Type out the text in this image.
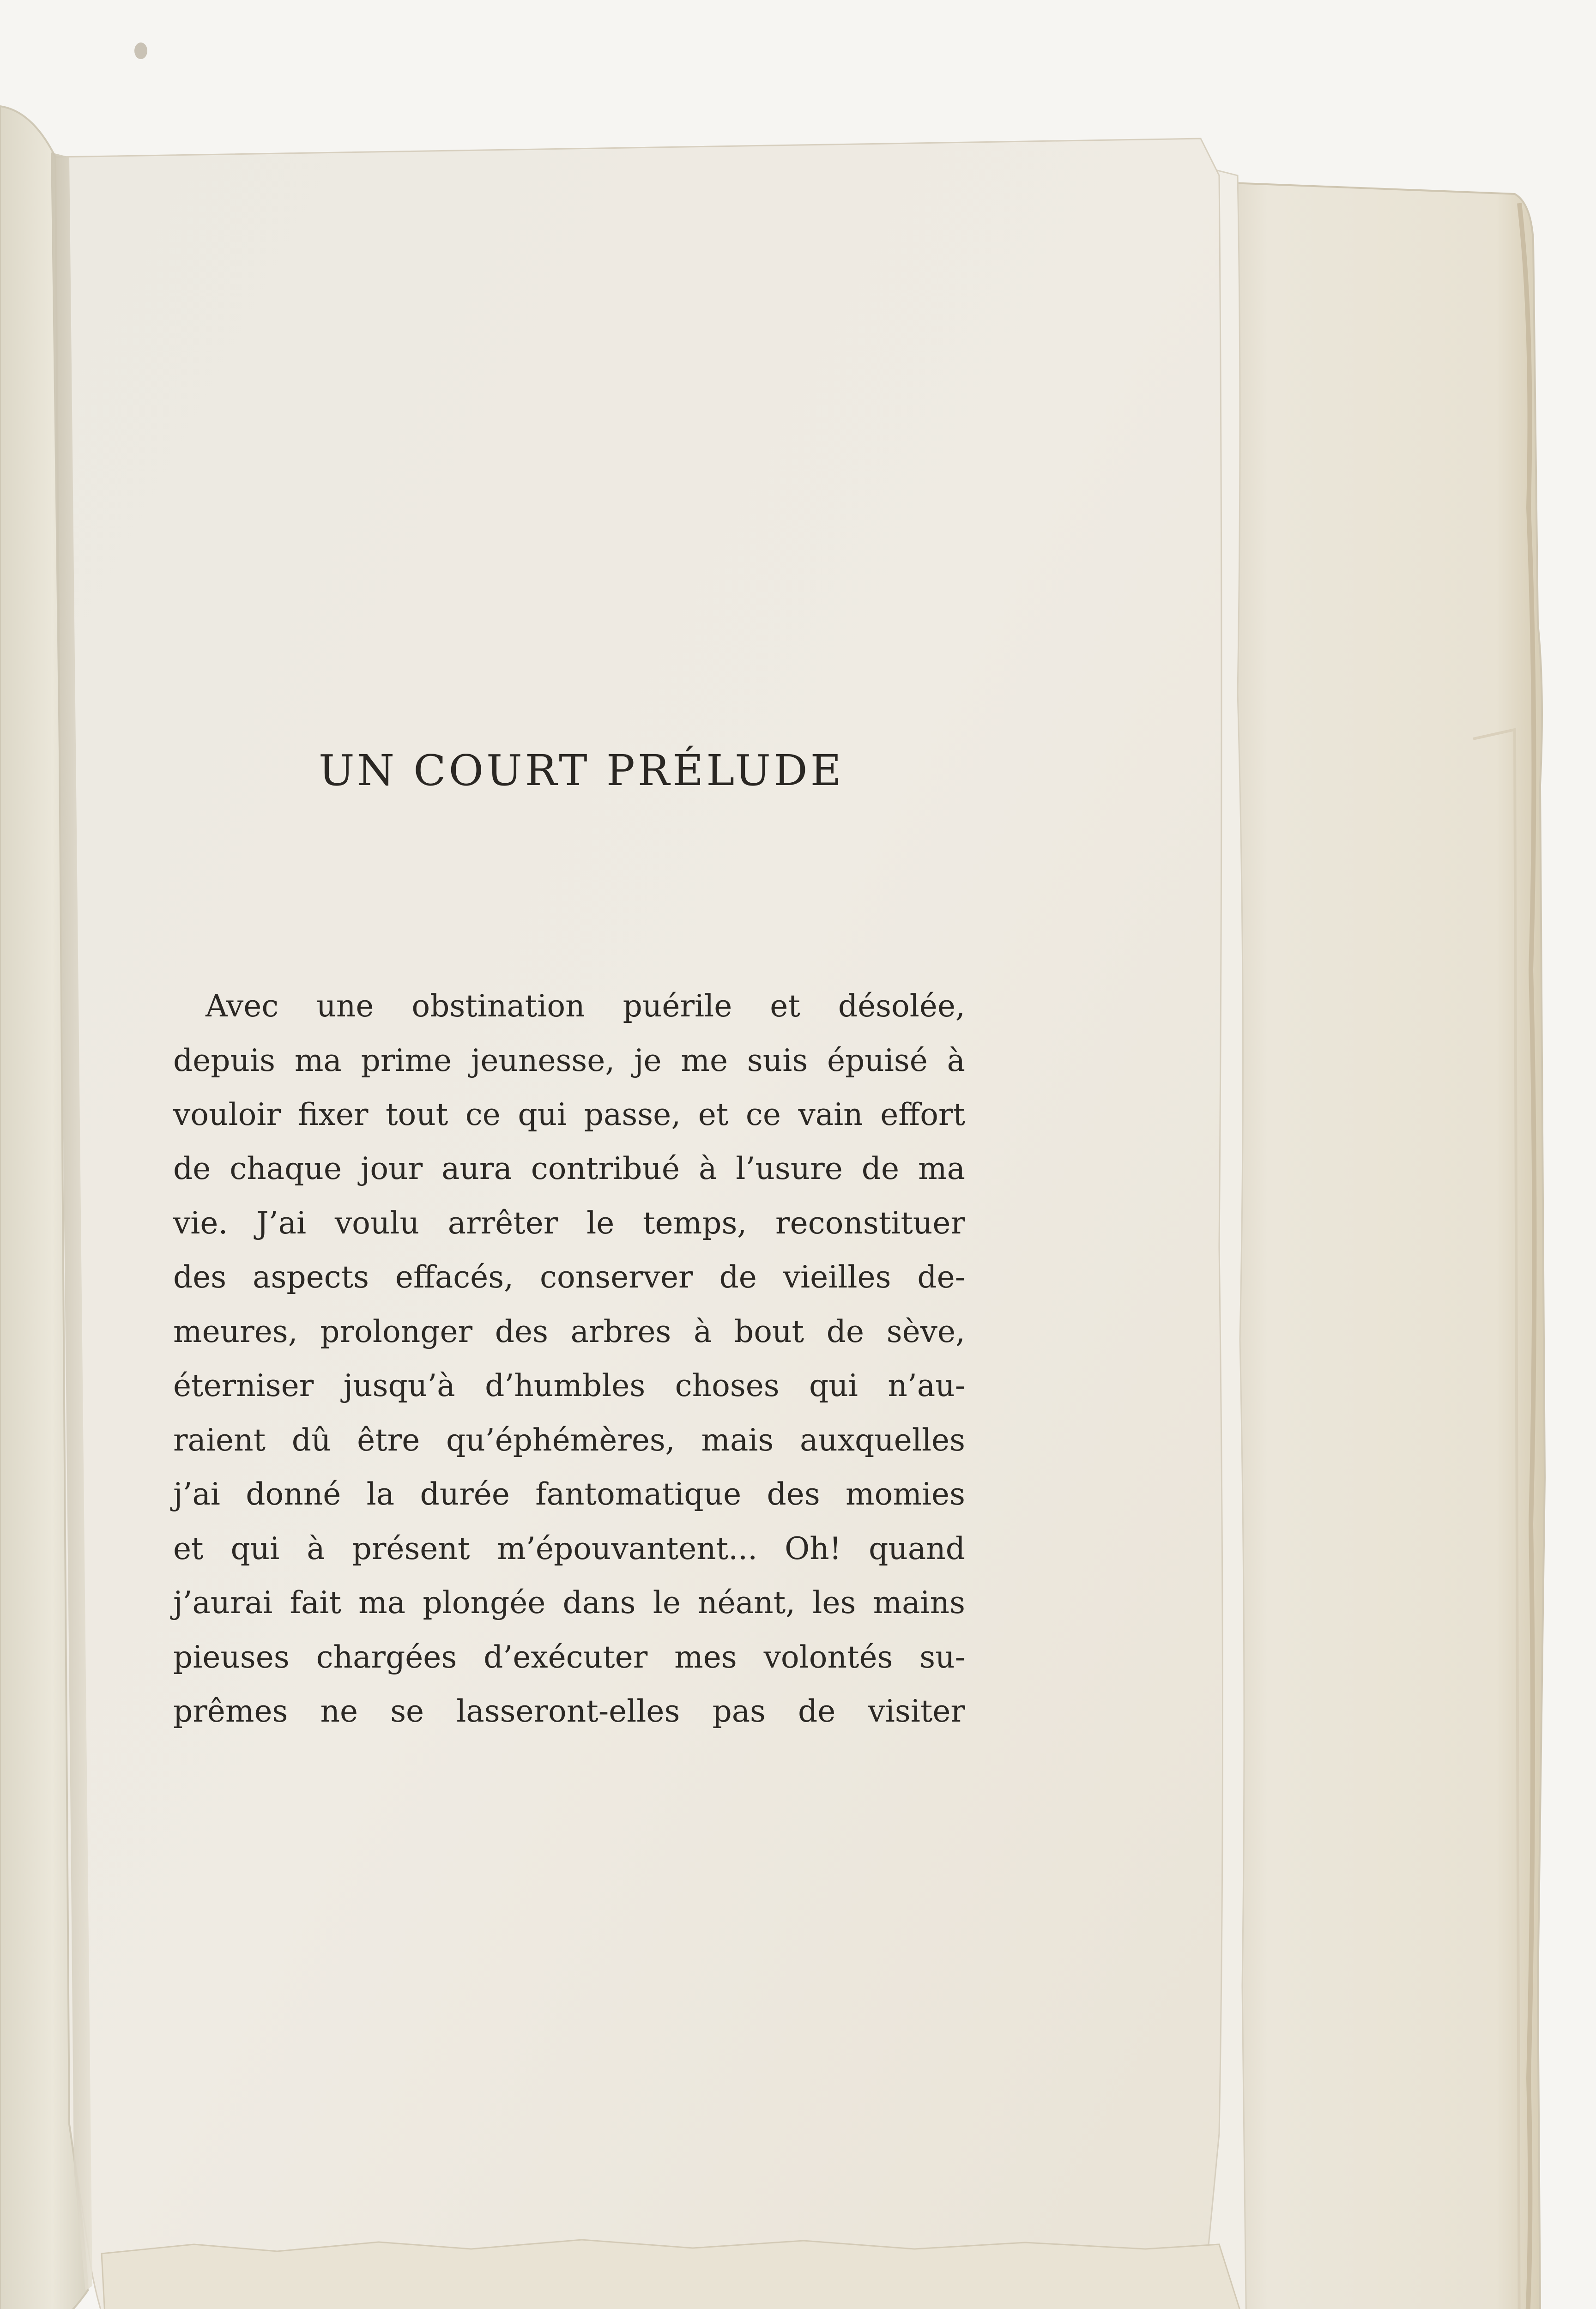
UN COURT PRÉLUDE
Avec une obstination puérile et désolée,
depuis ma prime jeunesse, je me suis épuisé à
vouloir fixer tout ce qui passe, et ce vain effort
de chaque jour aura contribué à l’usure de ma
vie. J’ai voulu arrêter le temps, reconstituer
des aspects effacés, conserver de vieilles de-
meures, prolonger des arbres à bout de sève,
éterniser jusqu’à d’humbles choses qui n’au-
raient dû être qu’éphémères, mais auxquelles
j’ai donné la durée fantomatique des momies
et qui à présent m’épouvantent... Oh! quand
j’aurai fait ma plongée dans le néant, les mains
pieuses chargées d’exécuter mes volontés su-
prêmes ne se lasseront-elles pas de visiter
